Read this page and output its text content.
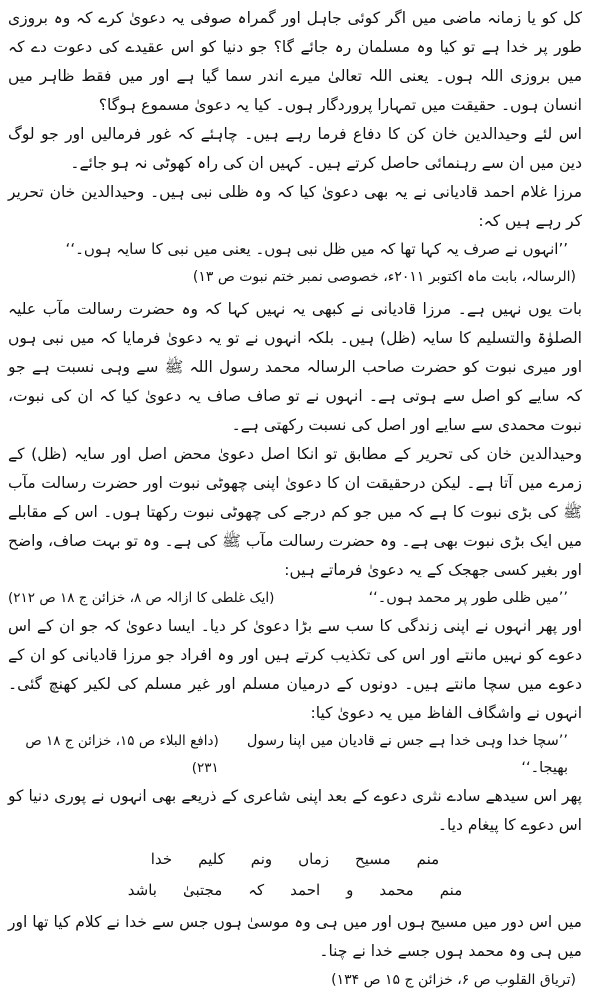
کل کو یا زمانہ ماضی میں اگر کوئی جاہل اور گمراہ صوفی یہ دعویٰ کرے کہ وہ بروزی طور پر خدا ہے تو کیا وہ مسلمان رہ جائے گا؟ جو دنیا کو اس عقیدے کی دعوت دے کہ میں بروزی اللہ ہوں۔ یعنی اللہ تعالیٰ میرے اندر سما گیا ہے اور میں فقط ظاہر میں انسان ہوں۔ حقیقت میں تمہارا پروردگار ہوں۔ کیا یہ دعویٰ مسموع ہوگا؟

اس لئے وحیدالدین خان کن کا دفاع فرما رہے ہیں۔ چاہئے کہ غور فرمالیں اور جو لوگ دین میں ان سے رہنمائی حاصل کرتے ہیں۔ کہیں ان کی راہ کھوٹی نہ ہو جائے۔

مرزا غلام احمد قادیانی نے یہ بھی دعویٰ کیا کہ وہ ظلی نبی ہیں۔ وحیدالدین خان تحریر کر رہے ہیں کہ:

’’انہوں نے صرف یہ کہا تھا کہ میں ظل نبی ہوں۔ یعنی میں نبی کا سایہ ہوں۔‘‘

(الرسالہ، بابت ماہ اکتوبر ۲۰۱۱ء، خصوصی نمبر ختم نبوت ص ۱۳)

بات یوں نہیں ہے۔ مرزا قادیانی نے کبھی یہ نہیں کہا کہ وہ حضرت رسالت مآب علیہ الصلوٰۃ والتسلیم کا سایہ (ظل) ہیں۔ بلکہ انہوں نے تو یہ دعویٰ فرمایا کہ میں نبی ہوں اور میری نبوت کو حضرت صاحب الرسالہ محمد رسول اللہ ﷺ سے وہی نسبت ہے جو کہ سایے کو اصل سے ہوتی ہے۔ انہوں نے تو صاف صاف یہ دعویٰ کیا کہ ان کی نبوت، نبوت محمدی سے سایے اور اصل کی نسبت رکھتی ہے۔

وحیدالدین خان کی تحریر کے مطابق تو انکا اصل دعویٰ محض اصل اور سایہ (ظل) کے زمرے میں آتا ہے۔ لیکن درحقیقت ان کا دعویٰ اپنی چھوٹی نبوت اور حضرت رسالت مآب ﷺ کی بڑی نبوت کا ہے کہ میں جو کم درجے کی چھوٹی نبوت رکھتا ہوں۔ اس کے مقابلے میں ایک بڑی نبوت بھی ہے۔ وہ حضرت رسالت مآب ﷺ کی ہے۔ وہ تو بہت صاف، واضح اور بغیر کسی جھجک کے یہ دعویٰ فرماتے ہیں:

’’میں ظلی طور پر محمد ہوں۔‘‘
(ایک غلطی کا ازالہ ص ۸، خزائن ج ۱۸ ص ۲۱۲)

اور پھر انہوں نے اپنی زندگی کا سب سے بڑا دعویٰ کر دیا۔ ایسا دعویٰ کہ جو ان کے اس دعوے کو نہیں مانتے اور اس کی تکذیب کرتے ہیں اور وہ افراد جو مرزا قادیانی کو ان کے دعوے میں سچا مانتے ہیں۔ دونوں کے درمیان مسلم اور غیر مسلم کی لکیر کھنچ گئی۔ انہوں نے واشگاف الفاظ میں یہ دعویٰ کیا:

’’سچا خدا وہی خدا ہے جس نے قادیان میں اپنا رسول بھیجا۔‘‘
(دافع البلاء ص ۱۵، خزائن ج ۱۸ ص ۲۳۱)

پھر اس سیدھے سادے نثری دعوے کے بعد اپنی شاعری کے ذریعے بھی انہوں نے پوری دنیا کو اس دعوے کا پیغام دیا۔

منم
مسیح
زماں
ونم
کلیم
خدا
منم
محمد
و
احمد
کہ
مجتبیٰ
باشد

میں اس دور میں مسیح ہوں اور میں ہی وہ موسیٰ ہوں جس سے خدا نے کلام کیا تھا اور میں ہی وہ محمد ہوں جسے خدا نے چنا۔

(تریاق القلوب ص ۶، خزائن ج ۱۵ ص ۱۳۴)
